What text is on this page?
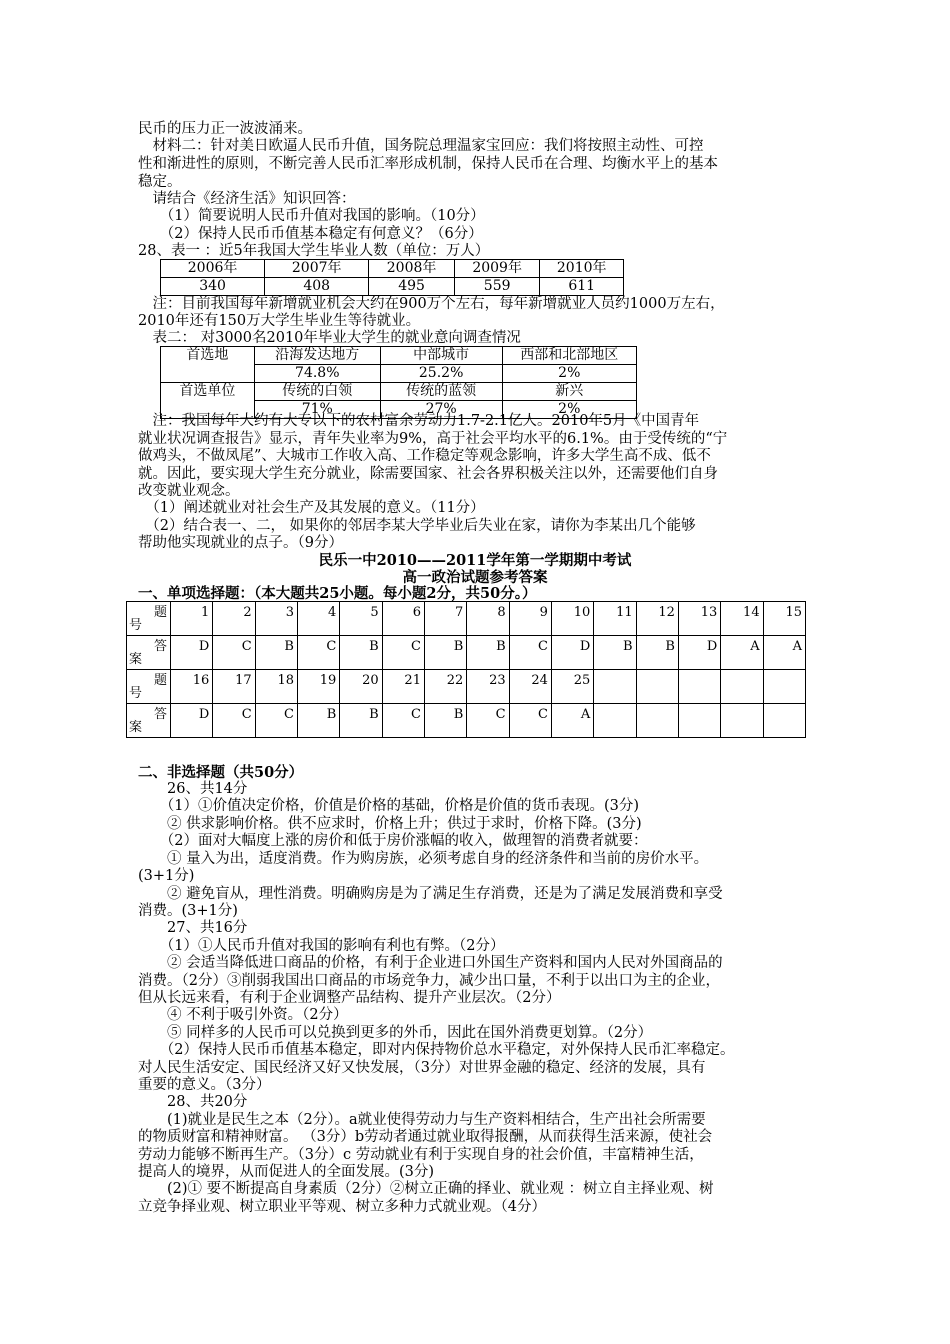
民币的压力正一波波涌来。
　材料二：针对美日欧逼人民币升值，国务院总理温家宝回应：我们将按照主动性、可控
性和渐进性的原则，不断完善人民币汇率形成机制，保持人民币在合理、均衡水平上的基本
稳定。
　请结合《经济生活》知识回答：
　　（1）简要说明人民币升值对我国的影响。（10分）
　　（2）保持人民币币值基本稳定有何意义？（6分）
28、表一 ：近5年我国大学生毕业人数（单位：万人）
2006年	2007年	2008年	2009年	2010年
340	408	495	559	611
　注：目前我国每年新增就业机会大约在900万个左右，每年新增就业人员约1000万左右，
2010年还有150万大学生毕业生等待就业。
　表二： 对3000名2010年毕业大学生的就业意向调查情况
首选地	沿海发达地方	中部城市	西部和北部地区
	74.8%	25.2%	2%
首选单位	传统的白领	传统的蓝领	新兴
	71%	27%	2%
　注：我国每年大约有大专以下的农村富余劳动力1.7-2.1亿人。2010年5月《中国青年
就业状况调查报告》显示，青年失业率为9%，高于社会平均水平的6.1%。由于受传统的“宁
做鸡头，不做凤尾”、大城市工作收入高、工作稳定等观念影响，许多大学生高不成、低不
就。因此，要实现大学生充分就业，除需要国家、社会各界积极关注以外，还需要他们自身
改变就业观念。
　（1）阐述就业对社会生产及其发展的意义。（11分）
　（2）结合表一、二， 如果你的邻居李某大学毕业后失业在家，请你为李某出几个能够
帮助他实现就业的点子。（9分）
民乐一中2010——2011学年第一学期期中考试
高一政治试题参考答案
一、单项选择题：（本大题共25小题。每小题2分，共50分。）
题
号	1	2	3	4	5	6	7	8	9	10	11	12	13	14	15

答
案	D	C	B	C	B	C	B	B	C	D	B	B	D	A	A

题
号	16	17	18	19	20	21	22	23	24	25					

答
案	D	C	C	B	B	C	B	C	C	A					

二、非选择题（共50分）
　　26、共14分
　　（1）①价值决定价格，价值是价格的基础，价格是价值的货币表现。(3分)
　　② 供求影响价格。供不应求时，价格上升；供过于求时，价格下降。(3分)
　　（2）面对大幅度上涨的房价和低于房价涨幅的收入，做理智的消费者就要：
　　① 量入为出，适度消费。作为购房族，必须考虑自身的经济条件和当前的房价水平。
(3+1分)
　　② 避免盲从，理性消费。明确购房是为了满足生存消费，还是为了满足发展消费和享受
消费。(3+1分)
　　27、共16分
　　（1）①人民币升值对我国的影响有利也有弊。（2分）
　　② 会适当降低进口商品的价格，有利于企业进口外国生产资料和国内人民对外国商品的
消费。（2分）③削弱我国出口商品的市场竞争力，减少出口量，不利于以出口为主的企业，
但从长远来看，有利于企业调整产品结构、提升产业层次。（2分）
　　④ 不利于吸引外资。（2分）
　　⑤ 同样多的人民币可以兑换到更多的外币，因此在国外消费更划算。（2分）
　　（2）保持人民币币值基本稳定，即对内保持物价总水平稳定，对外保持人民币汇率稳定。
对人民生活安定、国民经济又好又快发展，（3分）对世界金融的稳定、经济的发展，具有
重要的意义。（3分）
　　28、共20分
　　(1)就业是民生之本（2分）。a就业使得劳动力与生产资料相结合，生产出社会所需要
的物质财富和精神财富。 （3分）b劳动者通过就业取得报酬，从而获得生活来源，使社会
劳动力能够不断再生产。（3分）c 劳动就业有利于实现自身的社会价值，丰富精神生活，
提高人的境界，从而促进人的全面发展。(3分)
　　(2)① 要不断提高自身素质（2分）②树立正确的择业、就业观 ：树立自主择业观、树
立竞争择业观、树立职业平等观、树立多种力式就业观。（4分）
